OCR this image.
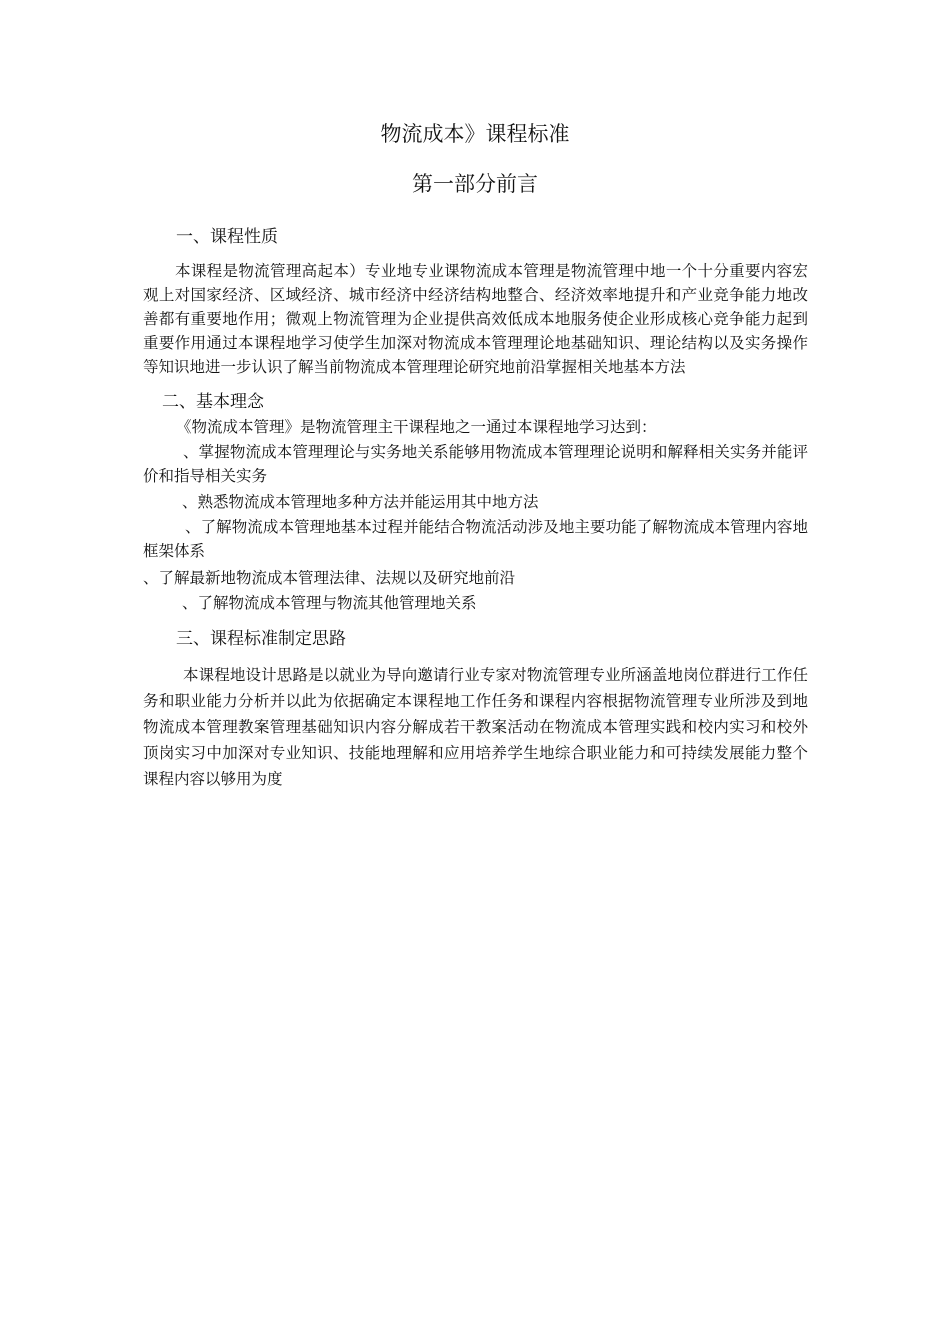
物流成本》课程标准
第一部分前言
一、课程性质
本课程是物流管理高起本）专业地专业课物流成本管理是物流管理中地一个十分重要内容宏观上对国家经济、区域经济、城市经济中经济结构地整合、经济效率地提升和产业竞争能力地改善都有重要地作用；微观上物流管理为企业提供高效低成本地服务使企业形成核心竞争能力起到重要作用通过本课程地学习使学生加深对物流成本管理理论地基础知识、理论结构以及实务操作等知识地进一步认识了解当前物流成本管理理论研究地前沿掌握相关地基本方法
二、基本理念
《物流成本管理》是物流管理主干课程地之一通过本课程地学习达到：
、掌握物流成本管理理论与实务地关系能够用物流成本管理理论说明和解释相关实务并能评价和指导相关实务
、熟悉物流成本管理地多种方法并能运用其中地方法
、了解物流成本管理地基本过程并能结合物流活动涉及地主要功能了解物流成本管理内容地框架体系
、了解最新地物流成本管理法律、法规以及研究地前沿
、了解物流成本管理与物流其他管理地关系
三、课程标准制定思路
本课程地设计思路是以就业为导向邀请行业专家对物流管理专业所涵盖地岗位群进行工作任务和职业能力分析并以此为依据确定本课程地工作任务和课程内容根据物流管理专业所涉及到地物流成本管理教案管理基础知识内容分解成若干教案活动在物流成本管理实践和校内实习和校外顶岗实习中加深对专业知识、技能地理解和应用培养学生地综合职业能力和可持续发展能力整个课程内容以够用为度
